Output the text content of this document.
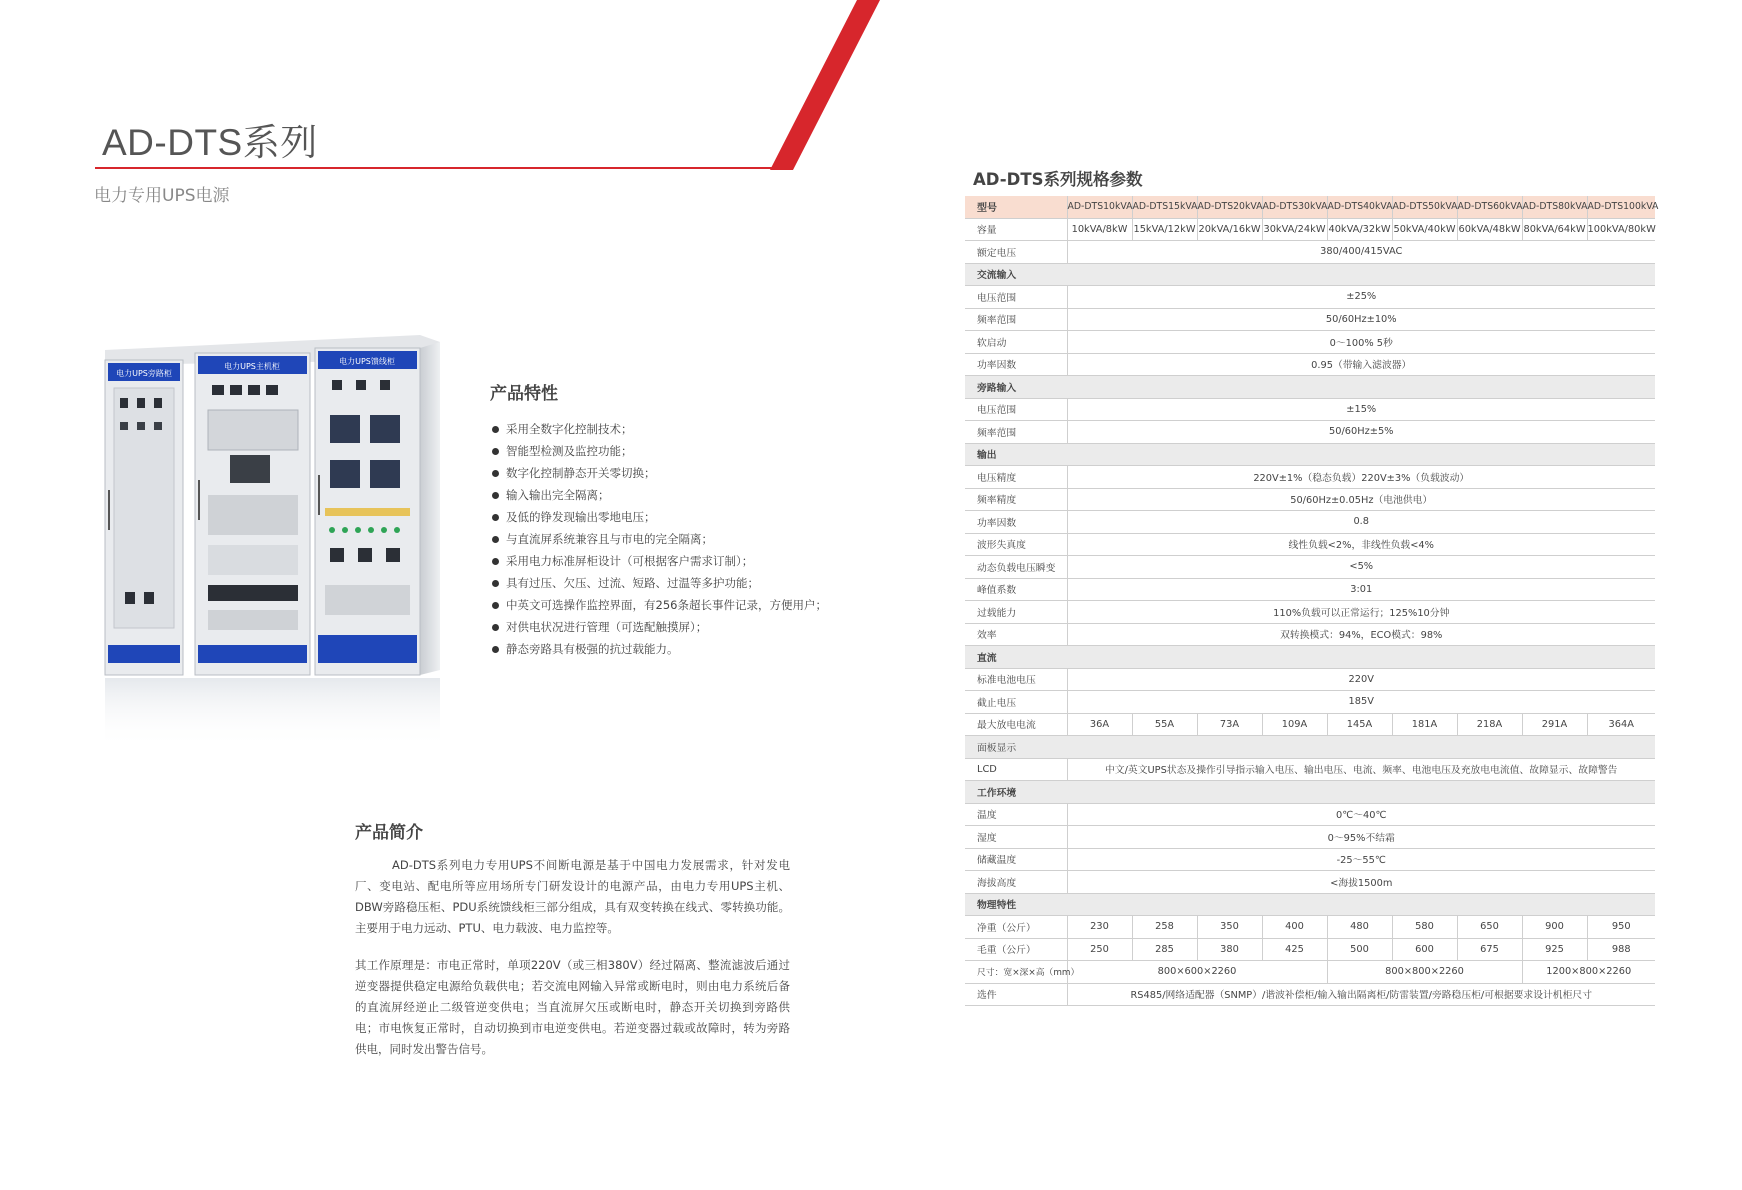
AD-DTS系列
电力专用UPS电源
电力UPS旁路柜
电力UPS主机柜
电力UPS馈线柜
产品特性
采用全数字化控制技术；
智能型检测及监控功能；
数字化控制静态开关零切换；
输入输出完全隔离；
及低的铮发现输出零地电压；
与直流屏系统兼容且与市电的完全隔离；
采用电力标准屏柜设计（可根据客户需求订制）；
具有过压、欠压、过流、短路、过温等多护功能；
中英文可选操作监控界面，有256条超长事件记录，方便用户；
对供电状况进行管理（可选配触摸屏）；
静态旁路具有极强的抗过载能力。
产品简介
AD-DTS系列电力专用UPS不间断电源是基于中国电力发展需求，针对发电厂、变电站、配电所等应用场所专门研发设计的电源产品，由电力专用UPS主机、DBW旁路稳压柜、PDU系统馈线柜三部分组成，具有双变转换在线式、零转换功能。主要用于电力远动、PTU、电力载波、电力监控等。
其工作原理是：市电正常时，单项220V（或三相380V）经过隔离、整流滤波后通过逆变器提供稳定电源给负载供电；若交流电网输入异常或断电时，则由电力系统后备的直流屏经逆止二级管逆变供电；当直流屏欠压或断电时，静态开关切换到旁路供电；市电恢复正常时，自动切换到市电逆变供电。若逆变器过载或故障时，转为旁路供电，同时发出警告信号。
AD-DTS系列规格参数
型号	AD-DTS10kVA	AD-DTS15kVA	AD-DTS20kVA	AD-DTS30kVA	AD-DTS40kVA	AD-DTS50kVA	AD-DTS60kVA	AD-DTS80kVA	AD-DTS100kVA
容量	10kVA/8kW	15kVA/12kW	20kVA/16kW	30kVA/24kW	40kVA/32kW	50kVA/40kW	60kVA/48kW	80kVA/64kW	100kVA/80kW
额定电压	380/400/415VAC								
交流输入									
电压范围	±25%								
频率范围	50/60Hz±10%								
软启动	0～100% 5秒								
功率因数	0.95（带输入滤波器）								
旁路输入									
电压范围	±15%								
频率范围	50/60Hz±5%								
输出									
电压精度	220V±1%（稳态负载）220V±3%（负载波动）								
频率精度	50/60Hz±0.05Hz（电池供电）								
功率因数	0.8								
波形失真度	线性负载<2%，非线性负载<4%								
动态负载电压瞬变	<5%								
峰值系数	3:01								
过载能力	110%负载可以正常运行；125%10分钟								
效率	双转换模式：94%，ECO模式：98%								
直流									
标准电池电压	220V								
截止电压	185V								
最大放电电流	36A	55A	73A	109A	145A	181A	218A	291A	364A
面板显示									
LCD	中文/英文UPS状态及操作引导指示输入电压、输出电压、电流、频率、电池电压及充放电电流值、故障显示、故障警告								
工作环境									
温度	0℃～40℃								
湿度	0～95%不结霜								
储藏温度	-25～55℃								
海拔高度	<海拔1500m								
物理特性									
净重（公斤）	230	258	350	400	480	580	650	900	950
毛重（公斤）	250	285	380	425	500	600	675	925	988
尺寸：宽×深×高（mm）	800×600×2260				800×800×2260			1200×800×2260	
选件	RS485/网络适配器（SNMP）/谐波补偿柜/输入输出隔离柜/防雷装置/旁路稳压柜/可根据要求设计机柜尺寸								
